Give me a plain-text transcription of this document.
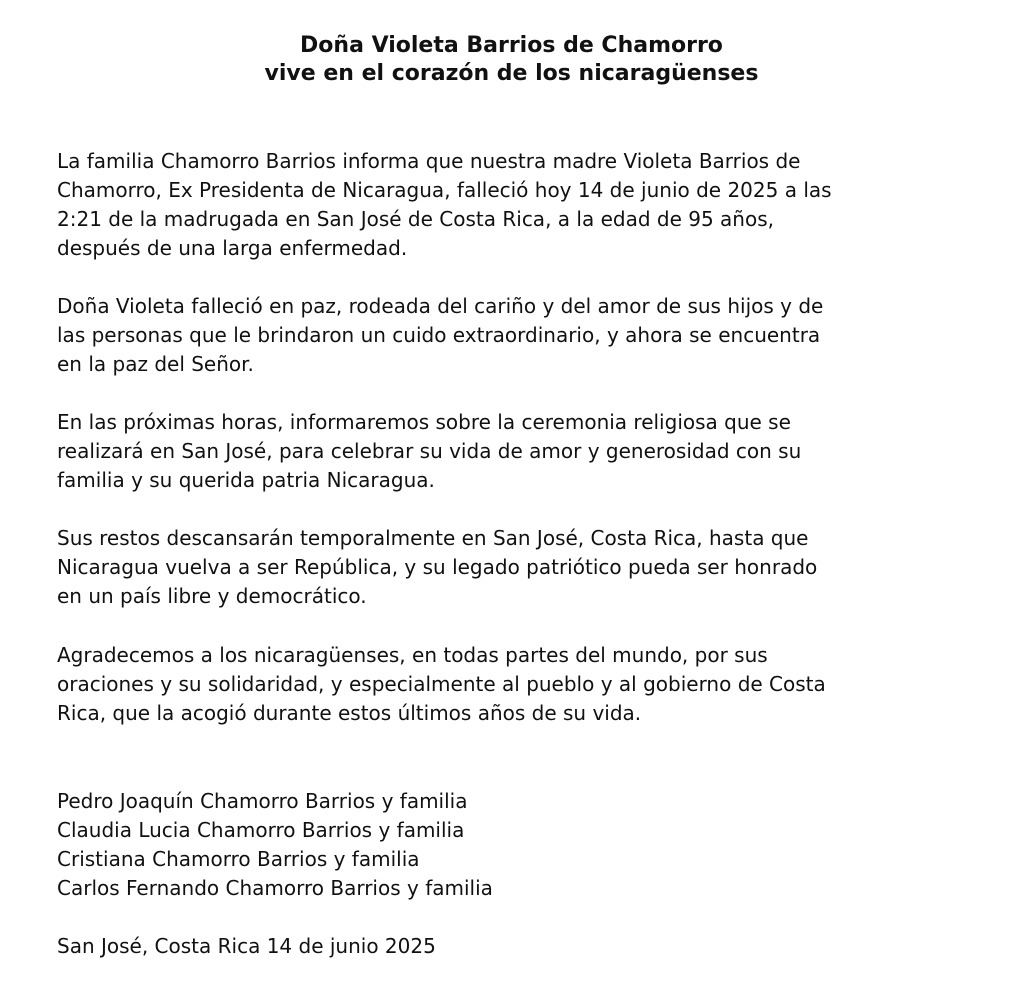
Doña Violeta Barrios de Chamorro
vive en el corazón de los nicaragüenses

La familia Chamorro Barrios informa que nuestra madre Violeta Barrios de
Chamorro, Ex Presidenta de Nicaragua, falleció hoy 14 de junio de 2025 a las
2:21 de la madrugada en San José de Costa Rica, a la edad de 95 años,
después de una larga enfermedad.

Doña Violeta falleció en paz, rodeada del cariño y del amor de sus hijos y de
las personas que le brindaron un cuido extraordinario, y ahora se encuentra
en la paz del Señor.

En las próximas horas, informaremos sobre la ceremonia religiosa que se
realizará en San José, para celebrar su vida de amor y generosidad con su
familia y su querida patria Nicaragua.

Sus restos descansarán temporalmente en San José, Costa Rica, hasta que
Nicaragua vuelva a ser República, y su legado patriótico pueda ser honrado
en un país libre y democrático.

Agradecemos a los nicaragüenses, en todas partes del mundo, por sus
oraciones y su solidaridad, y especialmente al pueblo y al gobierno de Costa
Rica, que la acogió durante estos últimos años de su vida.

Pedro Joaquín Chamorro Barrios y familia
Claudia Lucia Chamorro Barrios y familia
Cristiana Chamorro Barrios y familia
Carlos Fernando Chamorro Barrios y familia

San José, Costa Rica 14 de junio 2025
